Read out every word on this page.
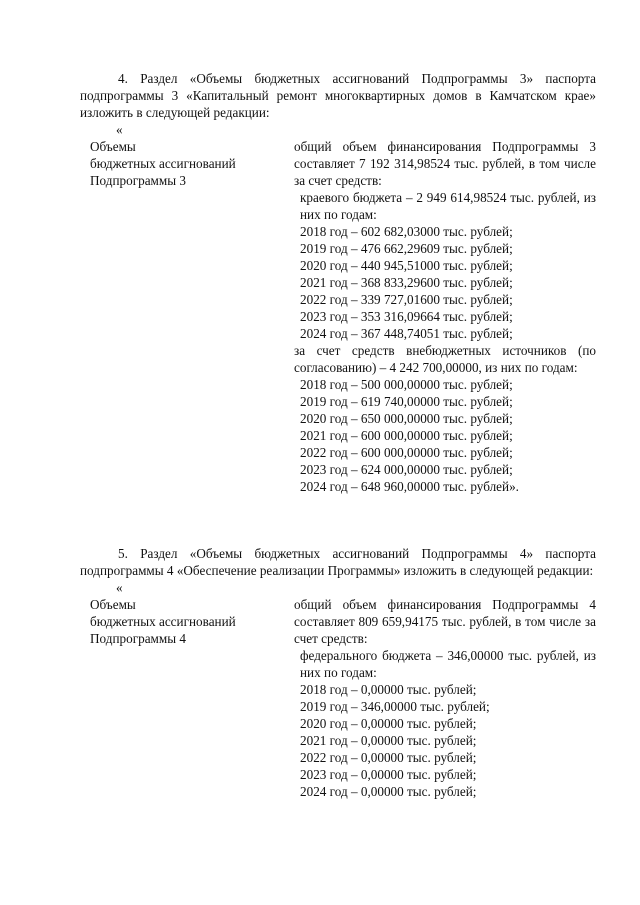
4. Раздел «Объемы бюджетных ассигнований Подпрограммы 3» паспорта подпрограммы 3 «Капитальный ремонт многоквартирных домов в Камчатском крае» изложить в следующей редакции:
«
Объемы
бюджетных ассигнований
Подпрограммы 3
общий объем финансирования Подпрограммы 3 составляет 7 192 314,98524 тыс. рублей, в том числе за счет средств:
краевого бюджета – 2 949 614,98524 тыс. рублей, из них по годам:
2018 год – 602 682,03000 тыс. рублей;
2019 год – 476 662,29609 тыс. рублей;
2020 год – 440 945,51000 тыс. рублей;
2021 год – 368 833,29600 тыс. рублей;
2022 год – 339 727,01600 тыс. рублей;
2023 год – 353 316,09664 тыс. рублей;
2024 год – 367 448,74051 тыс. рублей;
за счет средств внебюджетных источников (по согласованию) – 4 242 700,00000, из них по годам:
2018 год – 500 000,00000 тыс. рублей;
2019 год – 619 740,00000 тыс. рублей;
2020 год – 650 000,00000 тыс. рублей;
2021 год – 600 000,00000 тыс. рублей;
2022 год – 600 000,00000 тыс. рублей;
2023 год – 624 000,00000 тыс. рублей;
2024 год – 648 960,00000 тыс. рублей».
5. Раздел «Объемы бюджетных ассигнований Подпрограммы 4» паспорта подпрограммы 4 «Обеспечение реализации Программы» изложить в следующей редакции:
«
Объемы
бюджетных ассигнований
Подпрограммы 4
общий объем финансирования Подпрограммы 4 составляет 809 659,94175 тыс. рублей, в том числе за счет средств:
федерального бюджета – 346,00000 тыс. рублей, из них по годам:
2018 год – 0,00000 тыс. рублей;
2019 год – 346,00000 тыс. рублей;
2020 год – 0,00000 тыс. рублей;
2021 год – 0,00000 тыс. рублей;
2022 год – 0,00000 тыс. рублей;
2023 год – 0,00000 тыс. рублей;
2024 год – 0,00000 тыс. рублей;
